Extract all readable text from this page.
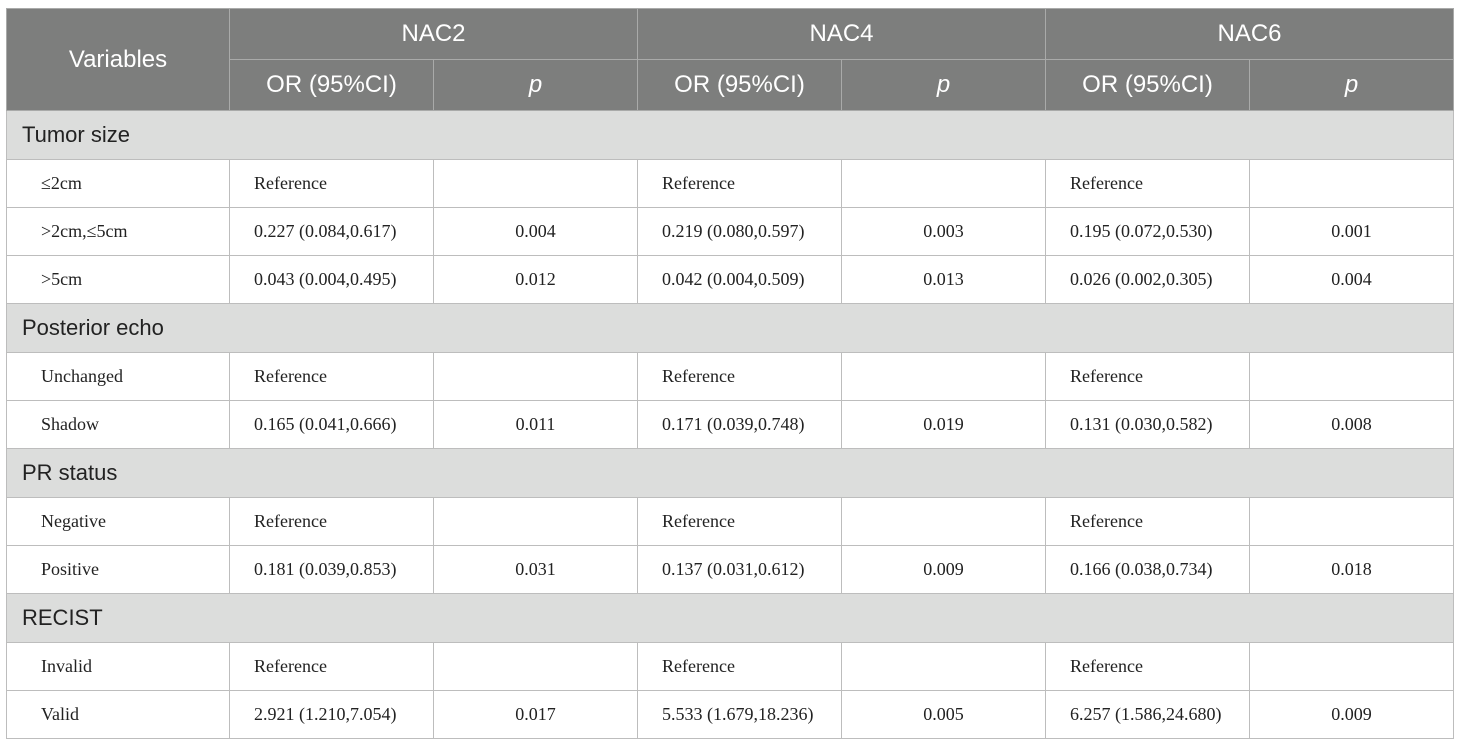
Variables	NAC2		NAC4		NAC6	
	OR (95%CI)	p	OR (95%CI)	p	OR (95%CI)	p
Tumor size						
≤2cm	Reference		Reference		Reference	
>2cm,≤5cm	0.227 (0.084,0.617)	0.004	0.219 (0.080,0.597)	0.003	0.195 (0.072,0.530)	0.001
>5cm	0.043 (0.004,0.495)	0.012	0.042 (0.004,0.509)	0.013	0.026 (0.002,0.305)	0.004
Posterior echo						
Unchanged	Reference		Reference		Reference	
Shadow	0.165 (0.041,0.666)	0.011	0.171 (0.039,0.748)	0.019	0.131 (0.030,0.582)	0.008
PR status						
Negative	Reference		Reference		Reference	
Positive	0.181 (0.039,0.853)	0.031	0.137 (0.031,0.612)	0.009	0.166 (0.038,0.734)	0.018
RECIST						
Invalid	Reference		Reference		Reference	
Valid	2.921 (1.210,7.054)	0.017	5.533 (1.679,18.236)	0.005	6.257 (1.586,24.680)	0.009
